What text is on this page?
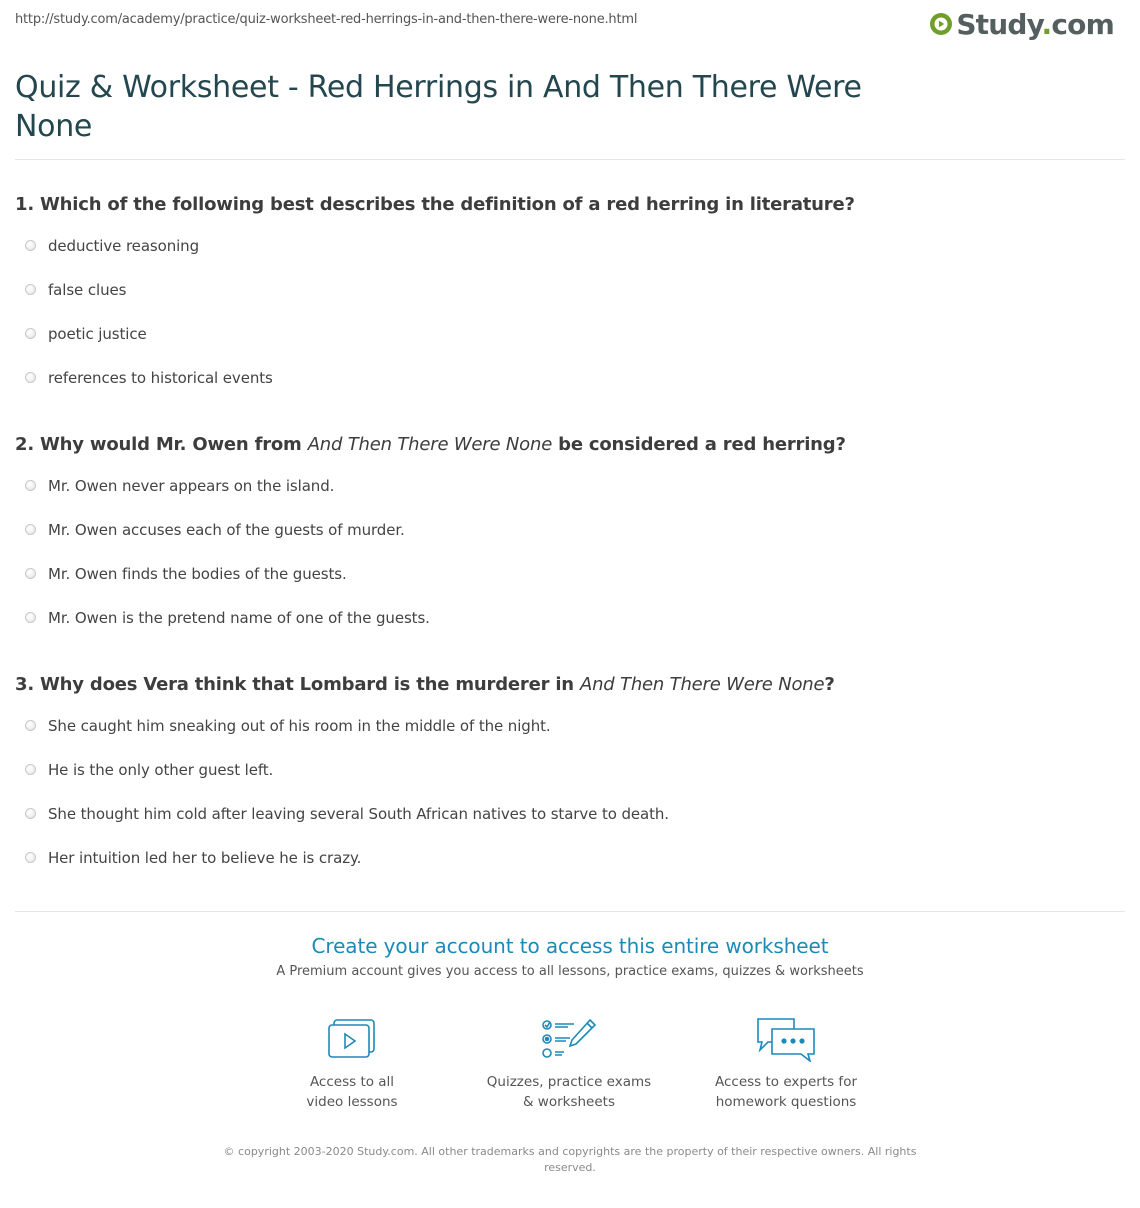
http://study.com/academy/practice/quiz-worksheet-red-herrings-in-and-then-there-were-none.html	Study.com
Quiz & Worksheet - Red Herrings in And Then There Were None
1. Which of the following best describes the definition of a red herring in literature?
deductive reasoning
false clues
poetic justice
references to historical events
2. Why would Mr. Owen from And Then There Were None be considered a red herring?
Mr. Owen never appears on the island.
Mr. Owen accuses each of the guests of murder.
Mr. Owen finds the bodies of the guests.
Mr. Owen is the pretend name of one of the guests.
3. Why does Vera think that Lombard is the murderer in And Then There Were None?
She caught him sneaking out of his room in the middle of the night.
He is the only other guest left.
She thought him cold after leaving several South African natives to starve to death.
Her intuition led her to believe he is crazy.
Create your account to access this entire worksheet
A Premium account gives you access to all lessons, practice exams, quizzes & worksheets
Access to all
video lessons
Quizzes, practice exams
& worksheets
Access to experts for
homework questions
© copyright 2003-2020 Study.com. All other trademarks and copyrights are the property of their respective owners. All rights reserved.
